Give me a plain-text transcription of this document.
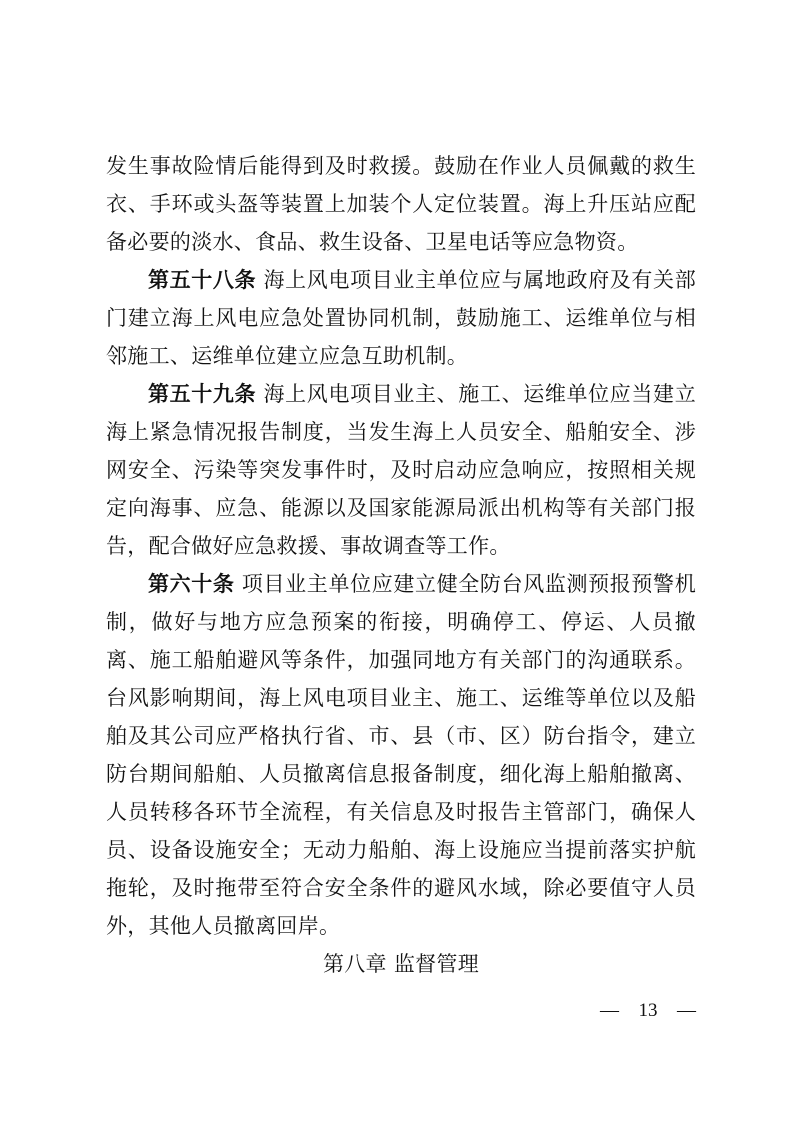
发生事故险情后能得到及时救援。鼓励在作业人员佩戴的救生衣、手环或头盔等装置上加装个人定位装置。海上升压站应配备必要的淡水、食品、救生设备、卫星电话等应急物资。

第五十八条 海上风电项目业主单位应与属地政府及有关部门建立海上风电应急处置协同机制，鼓励施工、运维单位与相邻施工、运维单位建立应急互助机制。

第五十九条 海上风电项目业主、施工、运维单位应当建立海上紧急情况报告制度，当发生海上人员安全、船舶安全、涉网安全、污染等突发事件时，及时启动应急响应，按照相关规定向海事、应急、能源以及国家能源局派出机构等有关部门报告，配合做好应急救援、事故调查等工作。

第六十条 项目业主单位应建立健全防台风监测预报预警机制，做好与地方应急预案的衔接，明确停工、停运、人员撤离、施工船舶避风等条件，加强同地方有关部门的沟通联系。台风影响期间，海上风电项目业主、施工、运维等单位以及船舶及其公司应严格执行省、市、县（市、区）防台指令，建立防台期间船舶、人员撤离信息报备制度，细化海上船舶撤离、人员转移各环节全流程，有关信息及时报告主管部门，确保人员、设备设施安全；无动力船舶、海上设施应当提前落实护航拖轮，及时拖带至符合安全条件的避风水域，除必要值守人员外，其他人员撤离回岸。

第八章 监督管理

— 13 —
